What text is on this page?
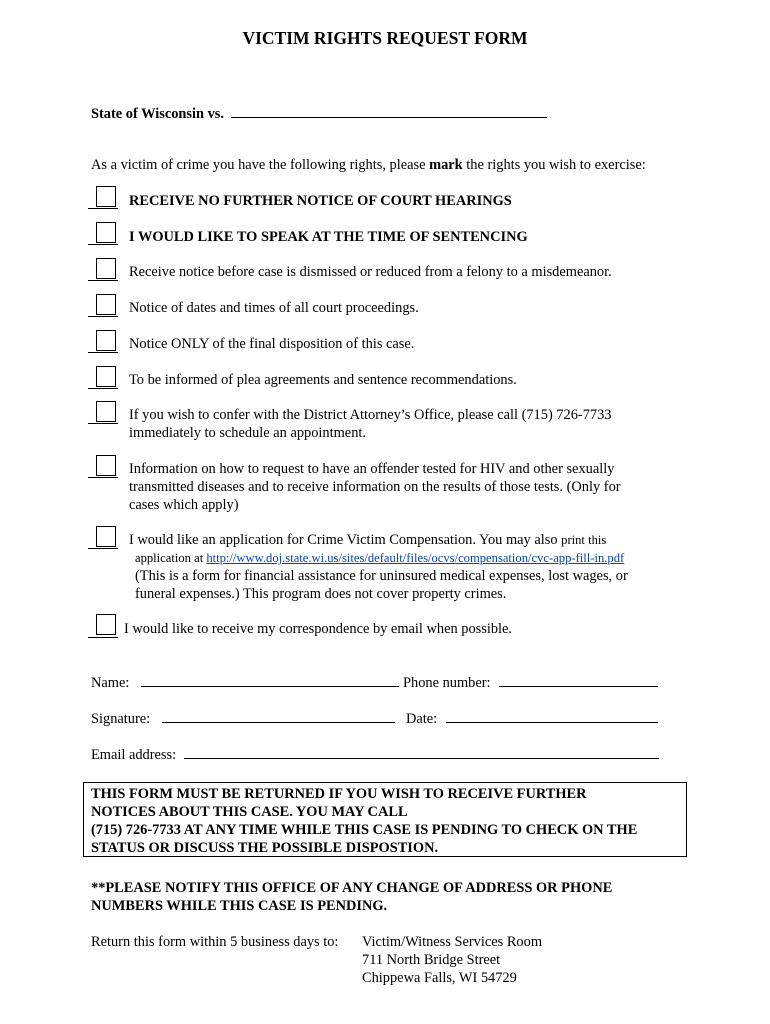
VICTIM RIGHTS REQUEST FORM
State of Wisconsin vs.
As a victim of crime you have the following rights, please mark the rights you wish to exercise:
RECEIVE NO FURTHER NOTICE OF COURT HEARINGS
I WOULD LIKE TO SPEAK AT THE TIME OF SENTENCING
Receive notice before case is dismissed or reduced from a felony to a misdemeanor.
Notice of dates and times of all court proceedings.
Notice ONLY of the final disposition of this case.
To be informed of plea agreements and sentence recommendations.
If you wish to confer with the District Attorney’s Office, please call (715) 726-7733
immediately to schedule an appointment.
Information on how to request to have an offender tested for HIV and other sexually
transmitted diseases and to receive information on the results of those tests. (Only for
cases which apply)
I would like an application for Crime Victim Compensation. You may also print this
application at http://www.doj.state.wi.us/sites/default/files/ocvs/compensation/cvc-app-fill-in.pdf
(This is a form for financial assistance for uninsured medical expenses, lost wages, or
funeral expenses.) This program does not cover property crimes.
I would like to receive my correspondence by email when possible.
Name:	Phone number:
Signature:	Date:
Email address:
THIS FORM MUST BE RETURNED IF YOU WISH TO RECEIVE FURTHER
NOTICES ABOUT THIS CASE. YOU MAY CALL
(715) 726-7733 AT ANY TIME WHILE THIS CASE IS PENDING TO CHECK ON THE
STATUS OR DISCUSS THE POSSIBLE DISPOSTION.
**PLEASE NOTIFY THIS OFFICE OF ANY CHANGE OF ADDRESS OR PHONE
NUMBERS WHILE THIS CASE IS PENDING.
Return this form within 5 business days to: Victim/Witness Services Room
711 North Bridge Street
Chippewa Falls, WI 54729
